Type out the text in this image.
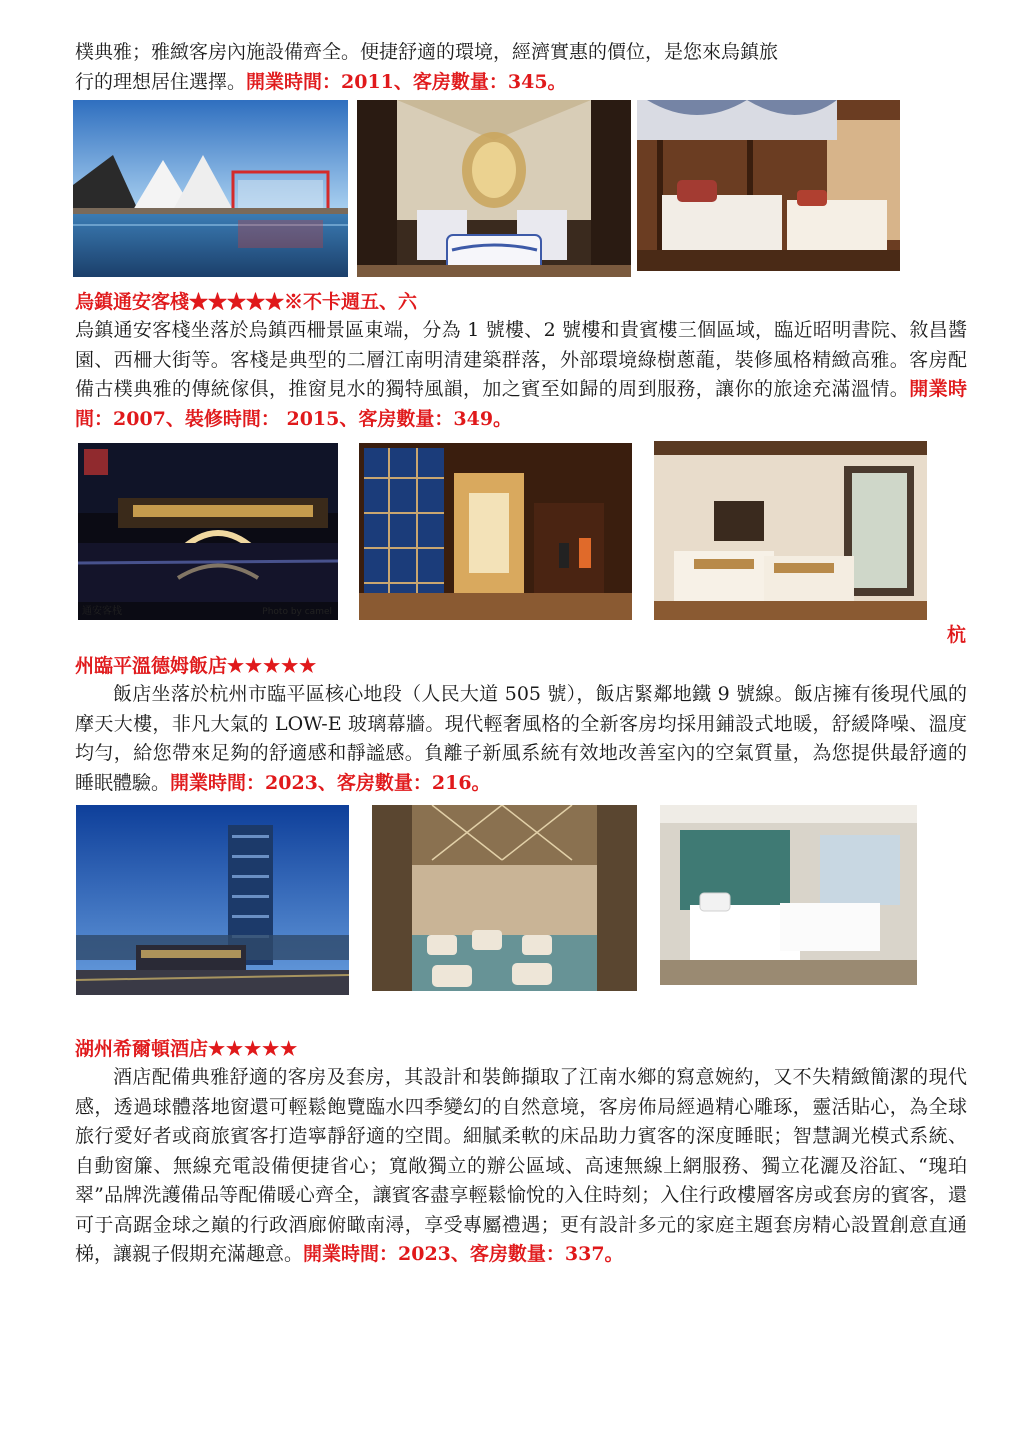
樸典雅；雅緻客房內施設備齊全。便捷舒適的環境，經濟實惠的價位，是您來烏鎮旅
行的理想居住選擇。開業時間：2011、客房數量：345。

烏鎮通安客棧★★★★★※不卡週五、六

烏鎮通安客棧坐落於烏鎮西柵景區東端，分為 1 號樓、2 號樓和貴賓樓三個區域，臨近昭明書院、敘昌醬園、西柵大街等。客棧是典型的二層江南明清建築群落，外部環境綠樹蔥蘢，裝修風格精緻高雅。客房配備古樸典雅的傳統傢俱，推窗見水的獨特風韻，加之賓至如歸的周到服務，讓你的旅途充滿溫情。開業時間：2007、裝修時間： 2015、客房數量：349。

通安客栈	Photo by camel
杭

州臨平溫德姆飯店★★★★★

飯店坐落於杭州市臨平區核心地段（人民大道 505 號），飯店緊鄰地鐵 9 號線。飯店擁有後現代風的摩天大樓，非凡大氣的 LOW-E 玻璃幕牆。現代輕奢風格的全新客房均採用鋪設式地暖，舒緩降噪、溫度均勻，給您帶來足夠的舒適感和靜謐感。負離子新風系統有效地改善室內的空氣質量，為您提供最舒適的睡眠體驗。開業時間：2023、客房數量：216。

湖州希爾頓酒店★★★★★

酒店配備典雅舒適的客房及套房，其設計和裝飾擷取了江南水鄉的寫意婉約，又不失精緻簡潔的現代感，透過球體落地窗還可輕鬆飽覽臨水四季變幻的自然意境，客房佈局經過精心雕琢，靈活貼心，為全球旅行愛好者或商旅賓客打造寧靜舒適的空間。細膩柔軟的床品助力賓客的深度睡眠；智慧調光模式系統、自動窗簾、無線充電設備便捷省心；寬敞獨立的辦公區域、高速無線上網服務、獨立花灑及浴缸、“瑰珀翠”品牌洗護備品等配備暖心齊全，讓賓客盡享輕鬆愉悅的入住時刻；入住行政樓層客房或套房的賓客，還可于高踞金球之巔的行政酒廊俯瞰南潯，享受專屬禮遇；更有設計多元的家庭主題套房精心設置創意直通梯，讓親子假期充滿趣意。開業時間：2023、客房數量：337。
